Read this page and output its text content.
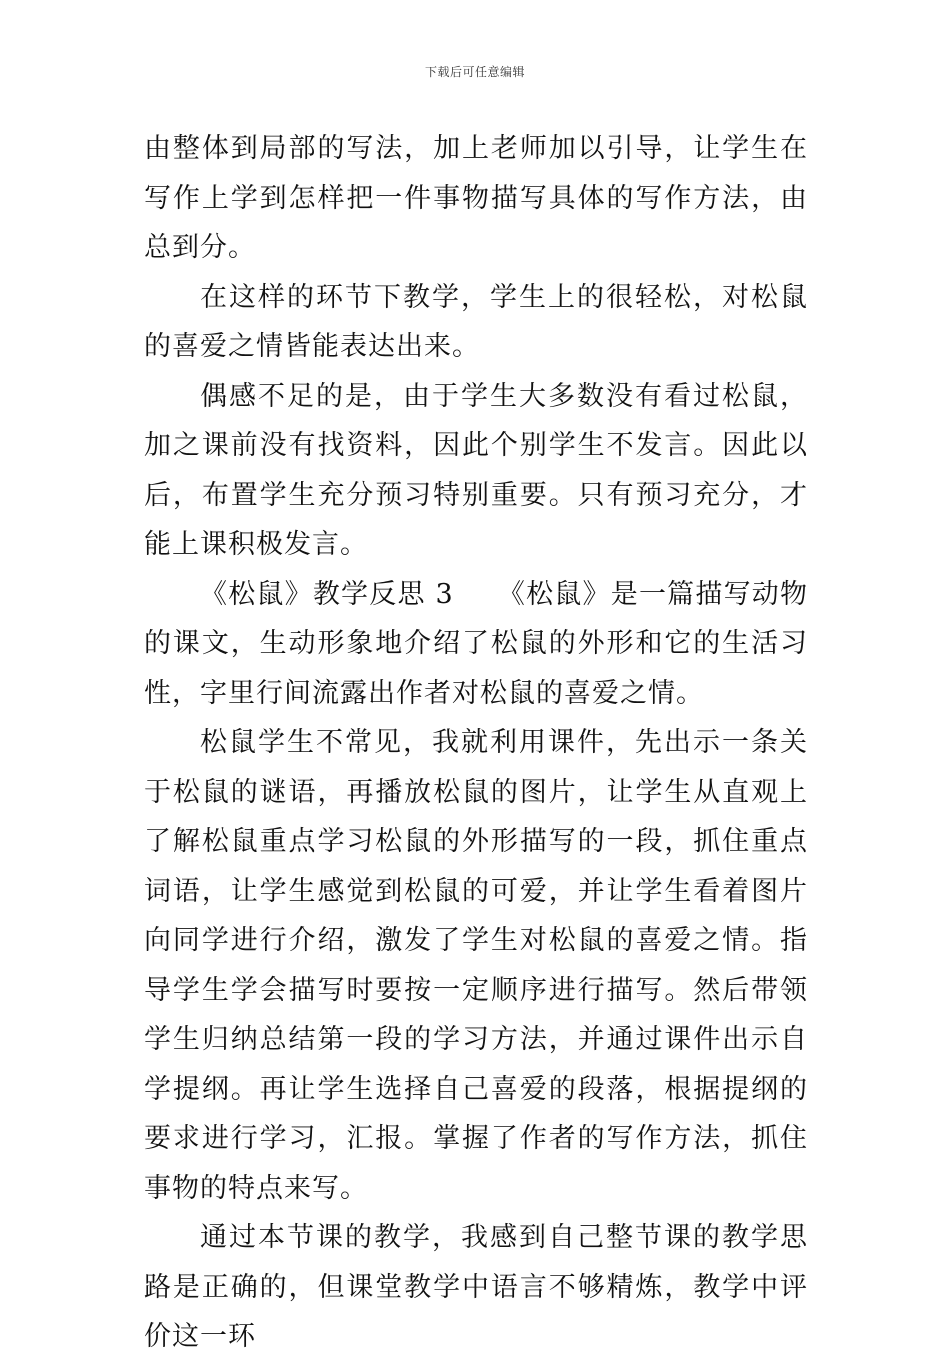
下载后可任意编辑

由整体到局部的写法，加上老师加以引导，让学生在写作上学到怎样把一件事物描写具体的写作方法，由总到分。

在这样的环节下教学，学生上的很轻松，对松鼠的喜爱之情皆能表达出来。

偶感不足的是，由于学生大多数没有看过松鼠，加之课前没有找资料，因此个别学生不发言。因此以后，布置学生充分预习特别重要。只有预习充分，才能上课积极发言。

《松鼠》教学反思 3 《松鼠》是一篇描写动物的课文，生动形象地介绍了松鼠的外形和它的生活习性，字里行间流露出作者对松鼠的喜爱之情。

松鼠学生不常见，我就利用课件，先出示一条关于松鼠的谜语，再播放松鼠的图片，让学生从直观上了解松鼠重点学习松鼠的外形描写的一段，抓住重点词语，让学生感觉到松鼠的可爱，并让学生看着图片向同学进行介绍，激发了学生对松鼠的喜爱之情。指导学生学会描写时要按一定顺序进行描写。然后带领学生归纳总结第一段的学习方法，并通过课件出示自学提纲。再让学生选择自己喜爱的段落，根据提纲的要求进行学习，汇报。掌握了作者的写作方法，抓住事物的特点来写。

通过本节课的教学，我感到自己整节课的教学思路是正确的，但课堂教学中语言不够精炼，教学中评价这一环
